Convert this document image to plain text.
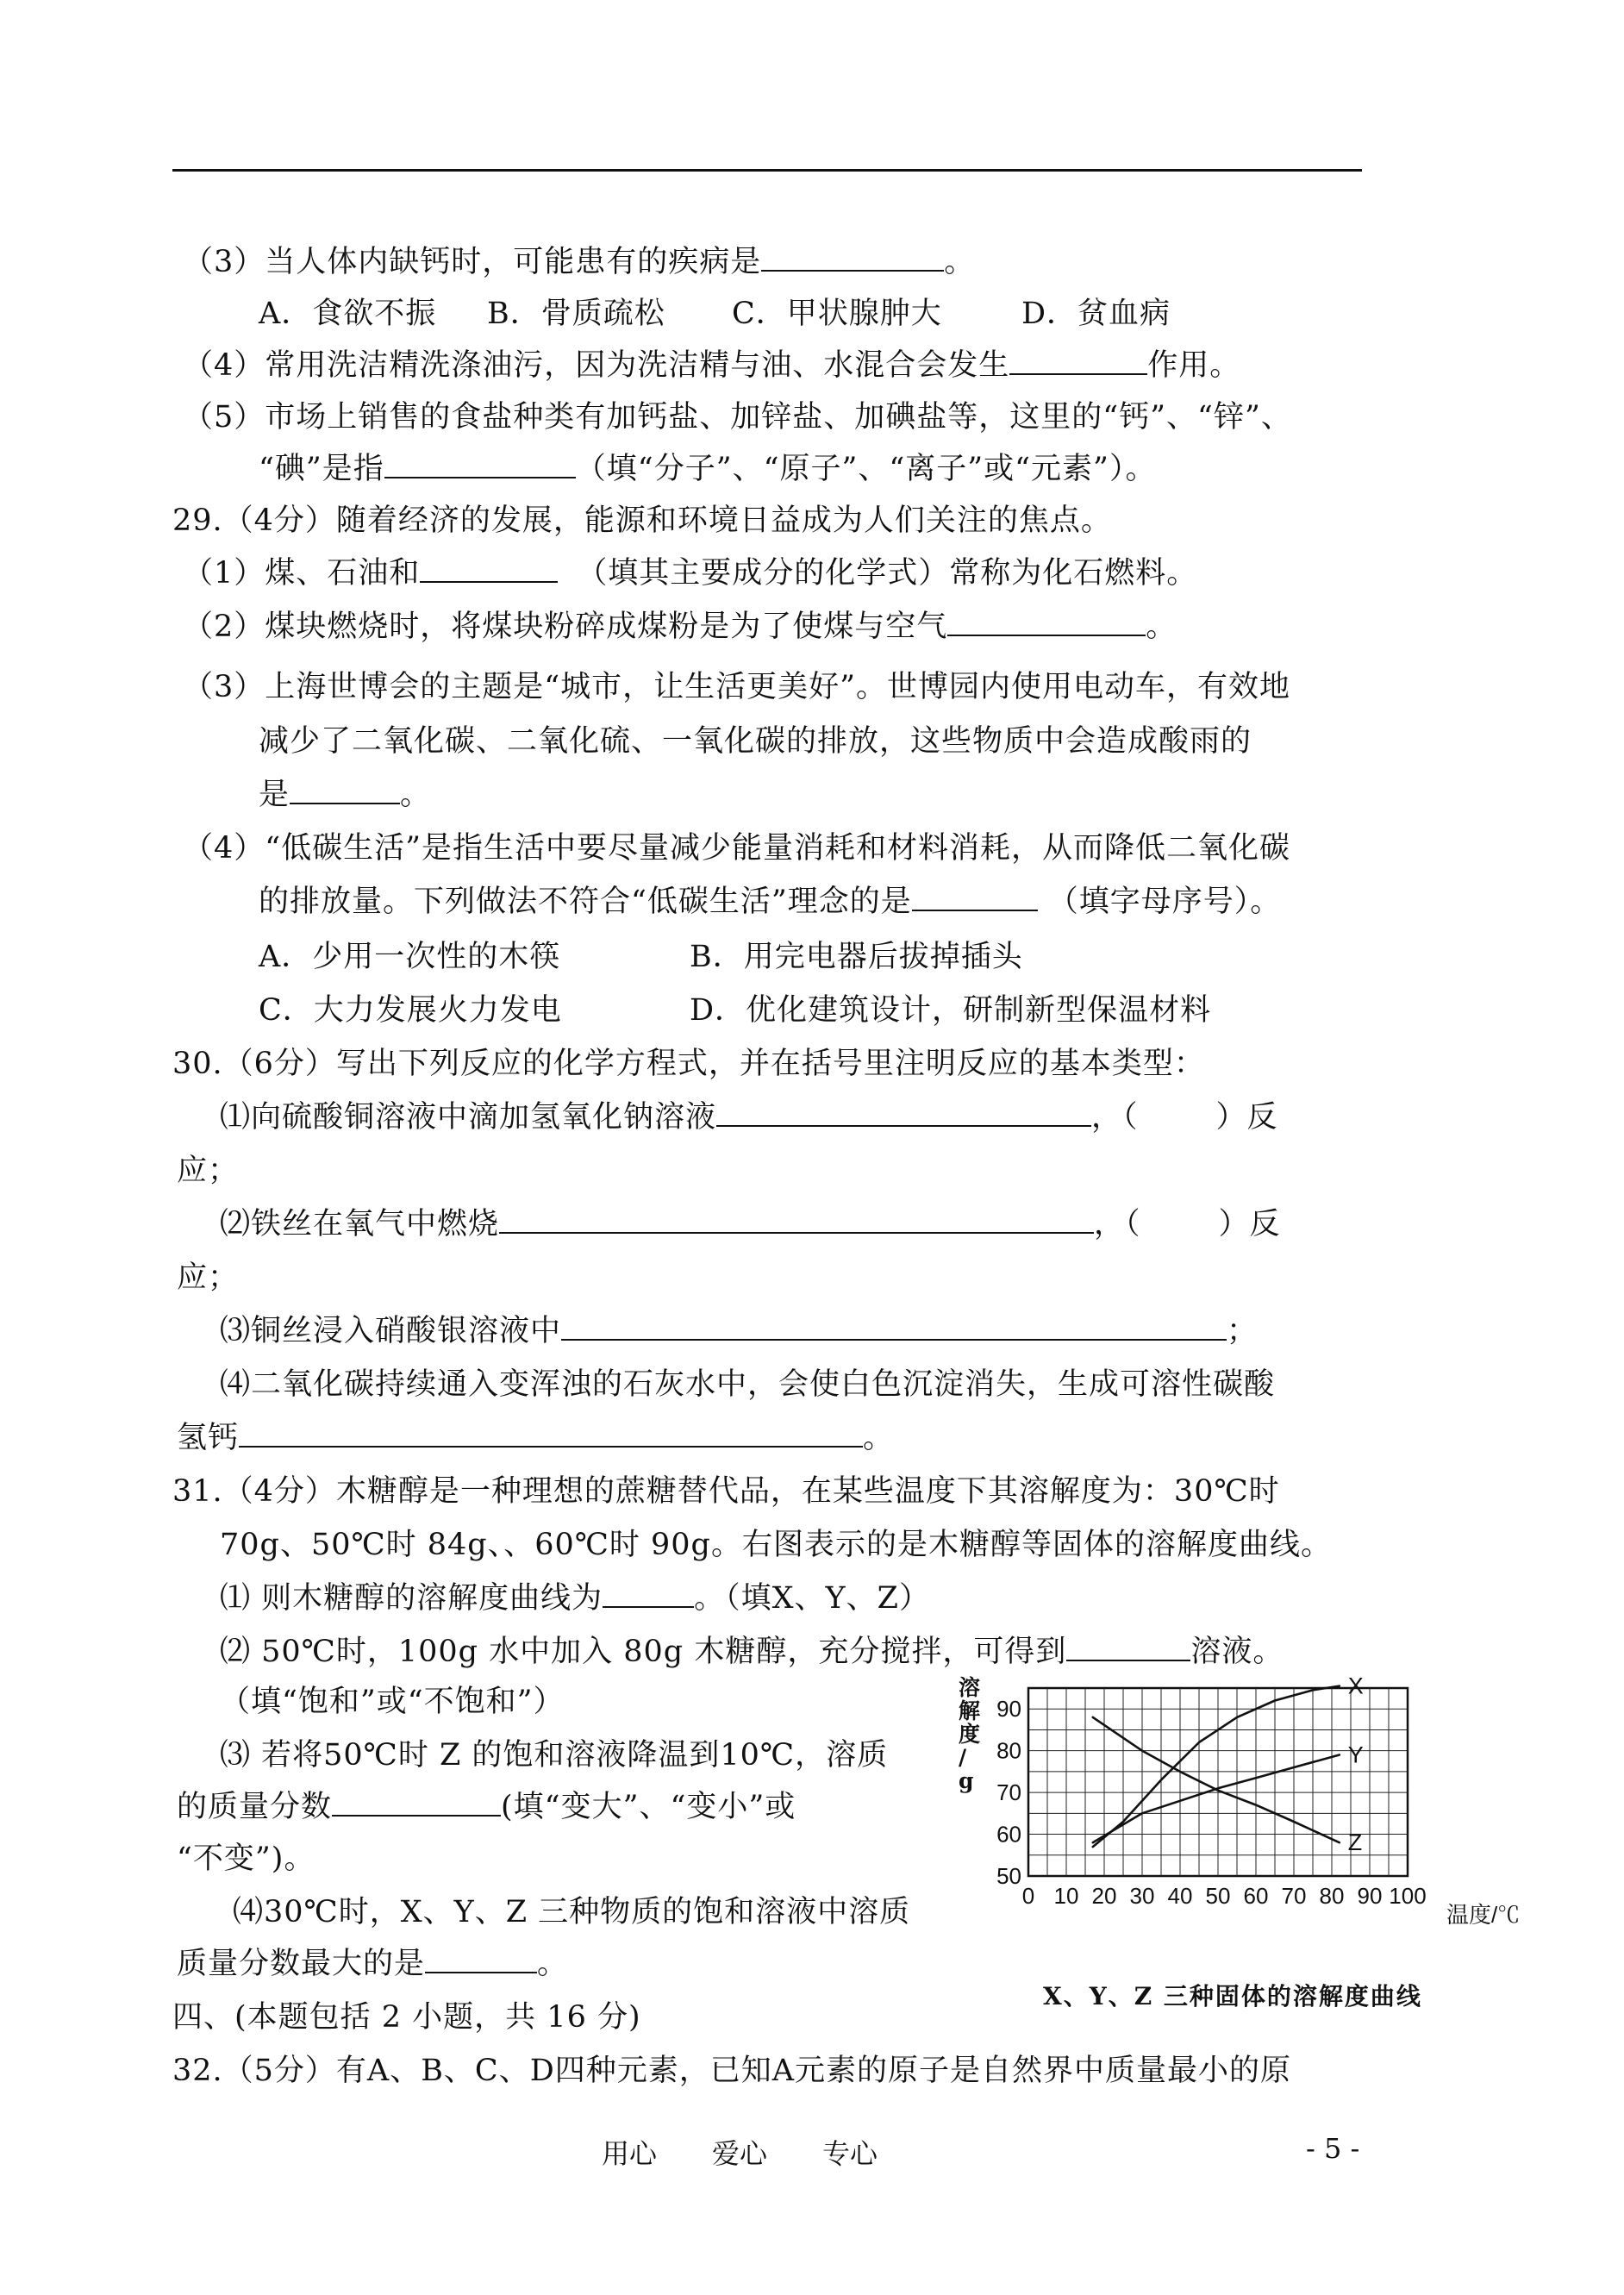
（3）当人体内缺钙时，可能患有的疾病是	。
A．食欲不振 B．骨质疏松 C．甲状腺肿大	D．贫血病
（4）常用洗洁精洗涤油污，因为洗洁精与油、水混合会发生	作用。
（5）市场上销售的食盐种类有加钙盐、加锌盐、加碘盐等，这里的“钙”、“锌”、
“碘”是指	（填“分子”、“原子”、“离子”或“元素”）。
29.（4分）随着经济的发展，能源和环境日益成为人们关注的焦点。
（1）煤、石油和	（填其主要成分的化学式）常称为化石燃料。
（2）煤块燃烧时，将煤块粉碎成煤粉是为了使煤与空气	。
（3）上海世博会的主题是“城市，让生活更美好”。世博园内使用电动车，有效地
减少了二氧化碳、二氧化硫、一氧化碳的排放，这些物质中会造成酸雨的
是	。
（4）“低碳生活”是指生活中要尽量减少能量消耗和材料消耗，从而降低二氧化碳
的排放量。下列做法不符合“低碳生活”理念的是	（填字母序号）。
A．少用一次性的木筷	B．用完电器后拔掉插头
C．大力发展火力发电	D．优化建筑设计，研制新型保温材料
30.（6分）写出下列反应的化学方程式，并在括号里注明反应的基本类型：
⑴向硫酸铜溶液中滴加氢氧化钠溶液	，（	）反
应；
⑵铁丝在氧气中燃烧	，（	）反
应；
⑶铜丝浸入硝酸银溶液中	；
⑷二氧化碳持续通入变浑浊的石灰水中，会使白色沉淀消失，生成可溶性碳酸
氢钙	。
31.（4分）木糖醇是一种理想的蔗糖替代品，在某些温度下其溶解度为：30℃时
70g、50℃时 84g、、60℃时 90g。右图表示的是木糖醇等固体的溶解度曲线。
⑴ 则木糖醇的溶解度曲线为	。（填X、Y、Z）
⑵ 50℃时，100g 水中加入 80g 木糖醇，充分搅拌，可得到	溶液。
（填“饱和”或“不饱和”）
⑶ 若将50℃时 Z 的饱和溶液降温到10℃，溶质
的质量分数	(填“变大”、“变小”或
“不变”)。
⑷30℃时，X、Y、Z 三种物质的饱和溶液中溶质
质量分数最大的是	。
溶
解
度
/
g
50
60
70
80
90
0 10 20 30 40 50 60 70 80 90 100
X
Y
Z
温度/℃
X、Y、Z 三种固体的溶解度曲线
四、(本题包括 2 小题，共 16 分)
32.（5分）有A、B、C、D四种元素，已知A元素的原子是自然界中质量最小的原
用心　　爱心　　专心	- 5 -
